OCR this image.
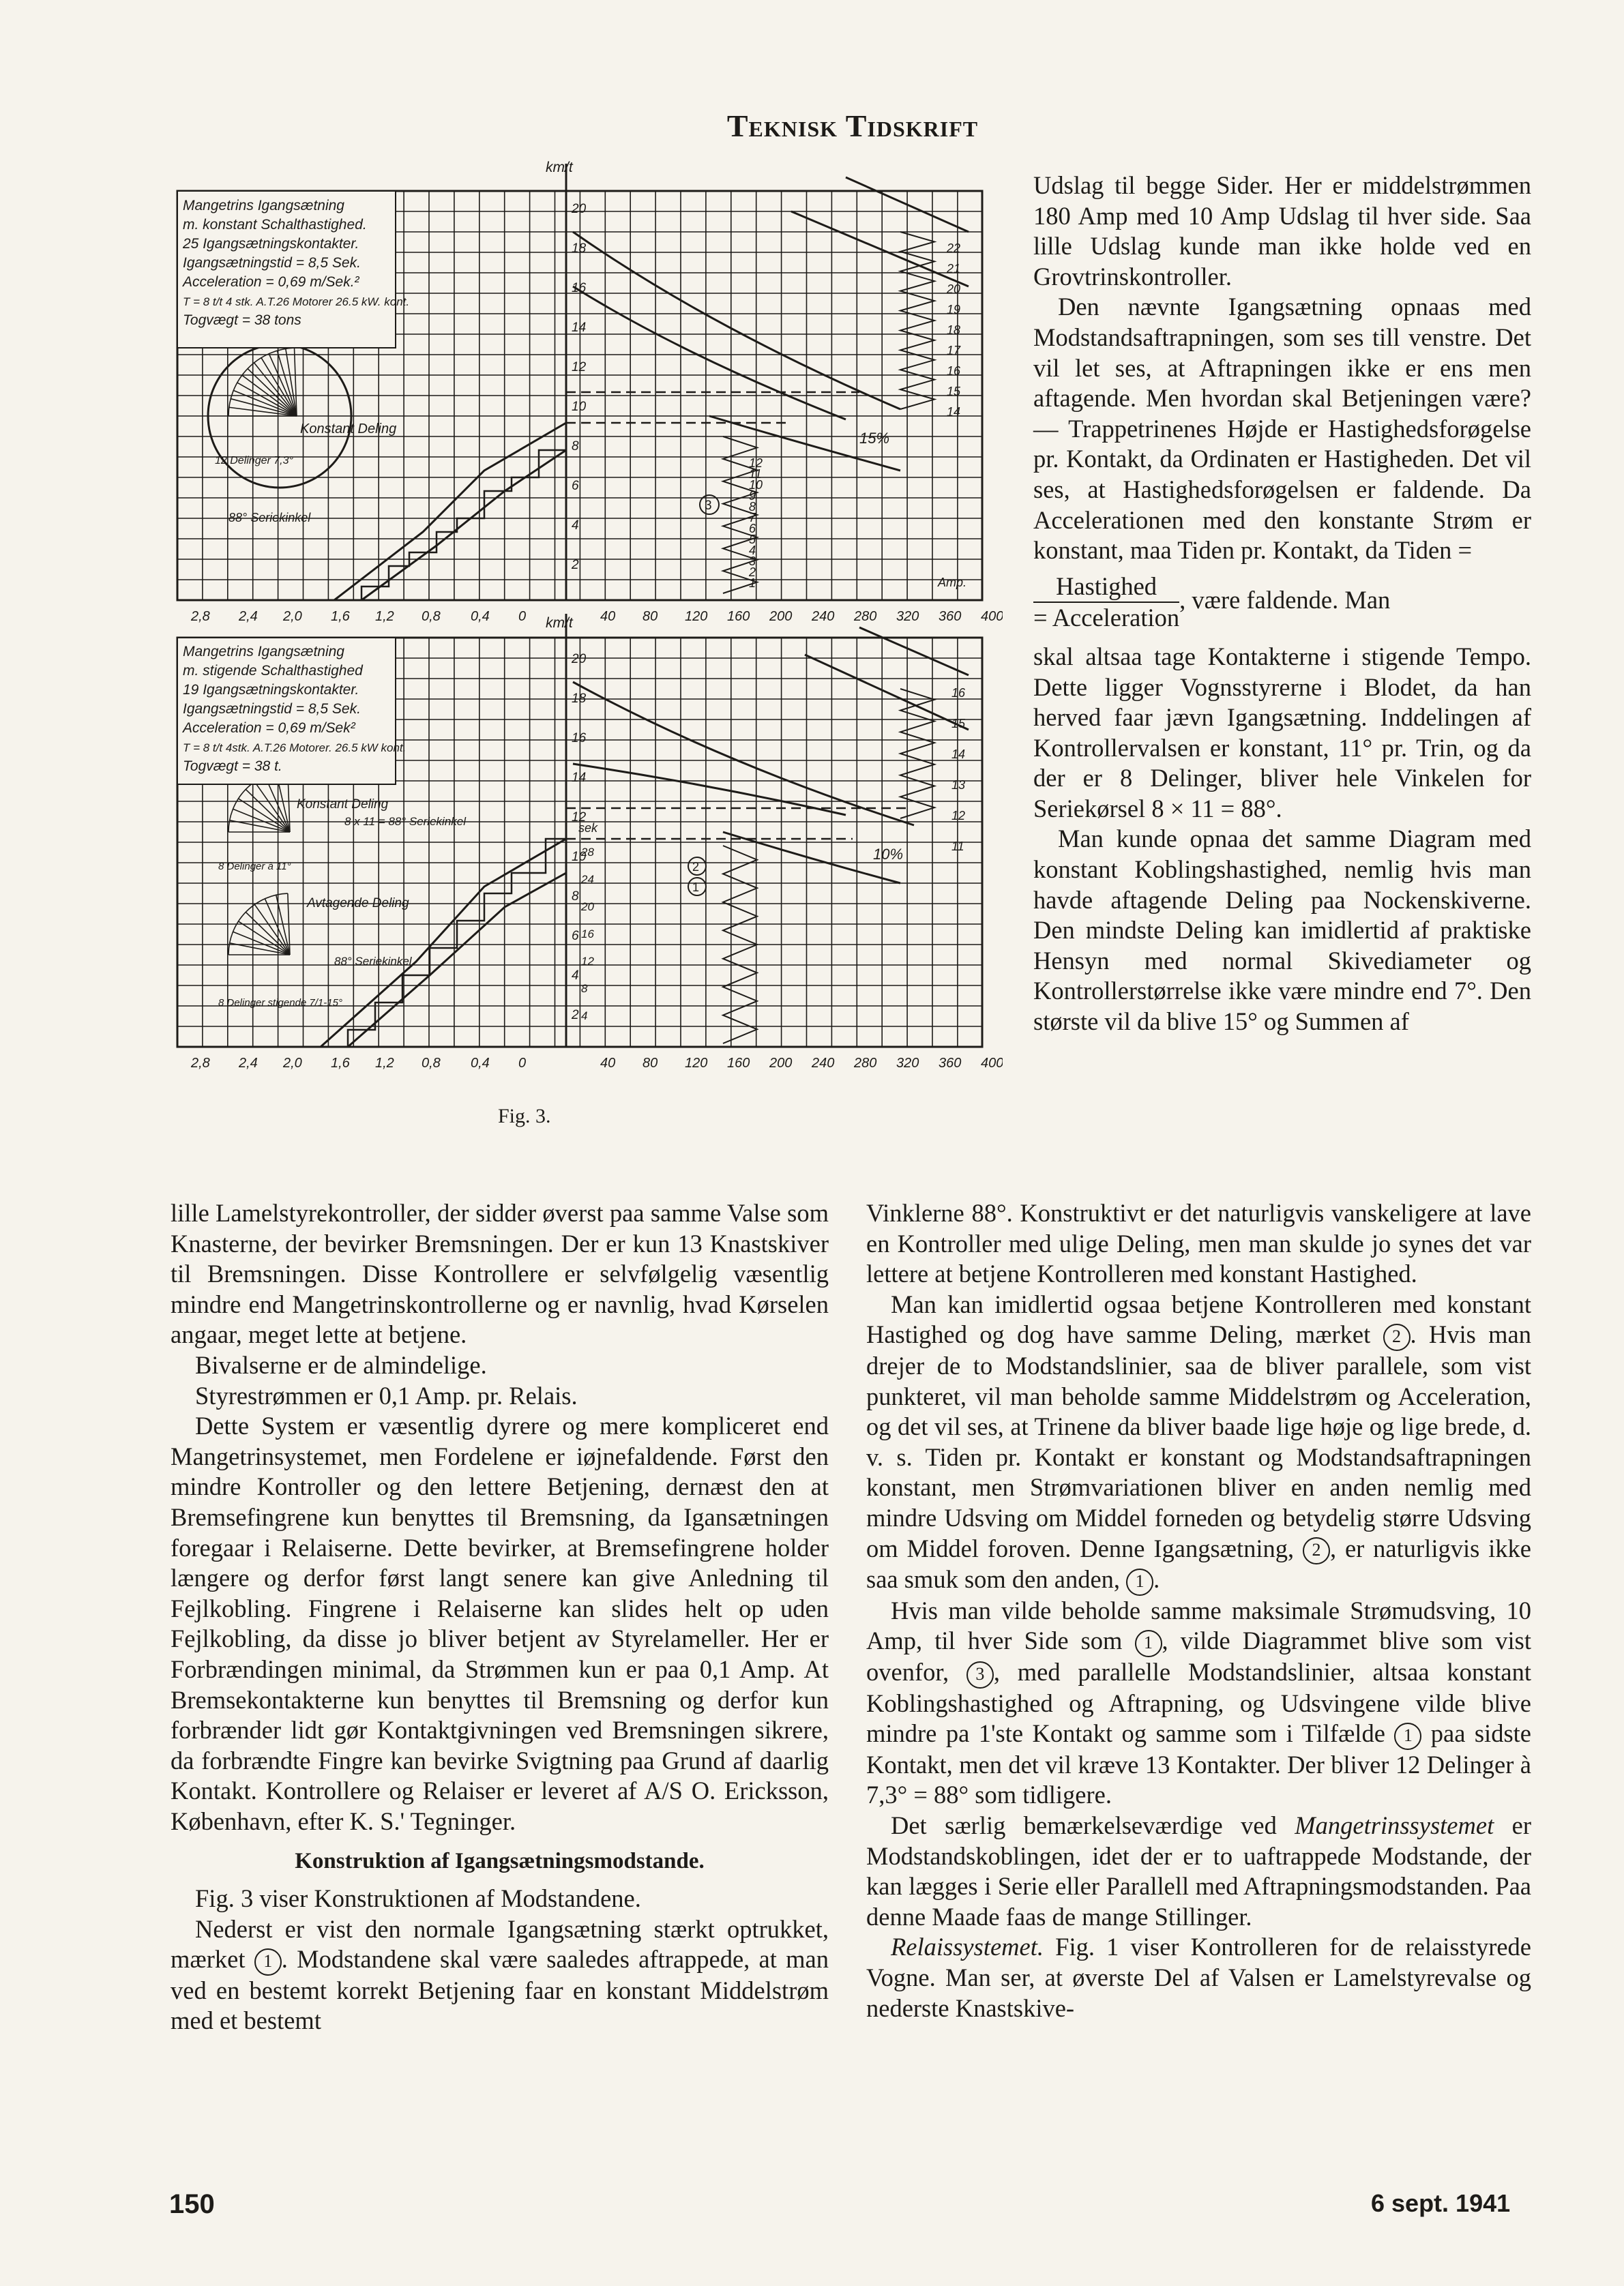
Teknisk Tidskrift
Mangetrins Igangsætning
m. konstant Schalthastighed.
25 Igangsætningskontakter.
Igangsætningstid = 8,5 Sek.
Acceleration = 0,69 m/Sek.²
T = 8 t/t 4 stk. A.T.26 Motorer 26.5 kW. kont.
Togvægt = 38 tons
km/t
Konstant Deling
12 Delinger 7,3°
88° Seriekinkel
15%
Amp.
2,8 2,4 2,0 1,6 1,2 0,8 0,4 0	40 80 120 160 200 240 280 320 360 400
20
18
16
14
12
10
8
6
4
2
22
21
20
19
18
17
16
15
14
12
11
10
9
8
7
6
5
4
3
2
1
3
Mangetrins Igangsætning
m. stigende Schalthastighed
19 Igangsætningskontakter.
Igangsætningstid = 8,5 Sek.
Acceleration = 0,69 m/Sek²
T = 8 t/t 4stk. A.T.26 Motorer. 26.5 kW kont.
Togvægt = 38 t.
km/t
Konstant Deling
8 x 11 = 88° Seriekinkel
8 Delinger à 11°
Avtagende Deling
88° Seriekinkel
8 Delinger stigende 7/1-15°
sek
10%
2,8 2,4 2,0 1,6 1,2 0,8 0,4 0	40 80 120 160 200 240 280 320 360 400
20
18
16
14
12
10
8
6
4
2
28
24
20
16
12
8
4
16
15
14
13
12
11
2
1
Fig. 3.

Udslag til begge Sider. Her er middelstrømmen 180 Amp med 10 Amp Udslag til hver side. Saa lille Udslag kunde man ikke holde ved en Grovtrinskontroller.

Den nævnte Igangsætning opnaas med Modstandsaftrapningen, som ses till venstre. Det vil let ses, at Aftrapningen ikke er ens men aftagende. Men hvordan skal Betjeningen være? — Trappetrinenes Højde er Hastighedsforøgelse pr. Kontakt, da Ordinaten er Hastigheden. Det vil ses, at Hastighedsforøgelsen er faldende. Da Accelerationen med den konstante Strøm er konstant, maa Tiden pr. Kontakt, da Tiden =

$\frac{\text{Hastighed}}{\text{= Acceleration}}$ , være faldende. Man

skal altsaa tage Kontakterne i stigende Tempo. Dette ligger Vognsstyrerne i Blodet, da han herved faar jævn Igangsætning. Inddelingen af Kontrollervalsen er konstant, 11° pr. Trin, og da der er 8 Delinger, bliver hele Vinkelen for Seriekørsel 8 × 11 = 88°.

Man kunde opnaa det samme Diagram med konstant Koblingshastighed, nemlig hvis man havde aftagende Deling paa Nockenskiverne. Den mindste Deling kan imidlertid af praktiske Hensyn med normal Skivediameter og Kontrollerstørrelse ikke være mindre end 7°. Den største vil da blive 15° og Summen af

lille Lamelstyrekontroller, der sidder øverst paa samme Valse som Knasterne, der bevirker Bremsningen. Der er kun 13 Knastskiver til Bremsningen. Disse Kontrollere er selvfølgelig væsentlig mindre end Mangetrinskontrollerne og er navnlig, hvad Kørselen angaar, meget lette at betjene.

Bivalserne er de almindelige.

Styrestrømmen er 0,1 Amp. pr. Relais.

Dette System er væsentlig dyrere og mere kompliceret end Mangetrinsystemet, men Fordelene er iøjnefaldende. Først den mindre Kontroller og den lettere Betjening, dernæst den at Bremsefingrene kun benyttes til Bremsning, da Igansætningen foregaar i Relaiserne. Dette bevirker, at Bremsefingrene holder længere og derfor først langt senere kan give Anledning til Fejlkobling. Fingrene i Relaiserne kan slides helt op uden Fejlkobling, da disse jo bliver betjent av Styrelameller. Her er Forbrændingen minimal, da Strømmen kun er paa 0,1 Amp. At Bremsekontakterne kun benyttes til Bremsning og derfor kun forbrænder lidt gør Kontaktgivningen ved Bremsningen sikrere, da forbrændte Fingre kan bevirke Svigtning paa Grund af daarlig Kontakt. Kontrollere og Relaiser er leveret af A/S O. Ericksson, København, efter K. S.' Tegninger.

Konstruktion af Igangsætningsmodstande.

Fig. 3 viser Konstruktionen af Modstandene.

Nederst er vist den normale Igangsætning stærkt optrukket, mærket 1 . Modstandene skal være saaledes aftrappede, at man ved en bestemt korrekt Betjening faar en konstant Middelstrøm med et bestemt

Vinklerne 88°. Konstruktivt er det naturligvis vanskeligere at lave en Kontroller med ulige Deling, men man skulde jo synes det var lettere at betjene Kontrolleren med konstant Hastighed.

Man kan imidlertid ogsaa betjene Kontrolleren med konstant Hastighed og dog have samme Deling, mærket 2 . Hvis man drejer de to Modstandslinier, saa de bliver parallele, som vist punkteret, vil man beholde samme Middelstrøm og Acceleration, og det vil ses, at Trinene da bliver baade lige høje og lige brede, d. v. s. Tiden pr. Kontakt er konstant og Modstandsaftrapningen konstant, men Strømvariationen bliver en anden nemlig med mindre Udsving om Middel forneden og betydelig større Udsving om Middel foroven. Denne Igangsætning, 2 , er naturligvis ikke saa smuk som den anden, 1 .

Hvis man vilde beholde samme maksimale Strømudsving, 10 Amp, til hver Side som 1 , vilde Diagrammet blive som vist ovenfor, 3 , med parallelle Modstandslinier, altsaa konstant Koblingshastighed og Aftrapning, og Udsvingene vilde blive mindre pa 1'ste Kontakt og samme som i Tilfælde 1 paa sidste Kontakt, men det vil kræve 13 Kontakter. Der bliver 12 Delinger à 7,3° = 88° som tidligere.

Det særlig bemærkelseværdige ved Mangetrinssystemet er Modstandskoblingen, idet der er to uaftrappede Modstande, der kan lægges i Serie eller Parallell med Aftrapningsmodstanden. Paa denne Maade faas de mange Stillinger.

Relaissystemet. Fig. 1 viser Kontrolleren for de relaisstyrede Vogne. Man ser, at øverste Del af Valsen er Lamelstyrevalse og nederste Knastskive-

150	6 sept. 1941
